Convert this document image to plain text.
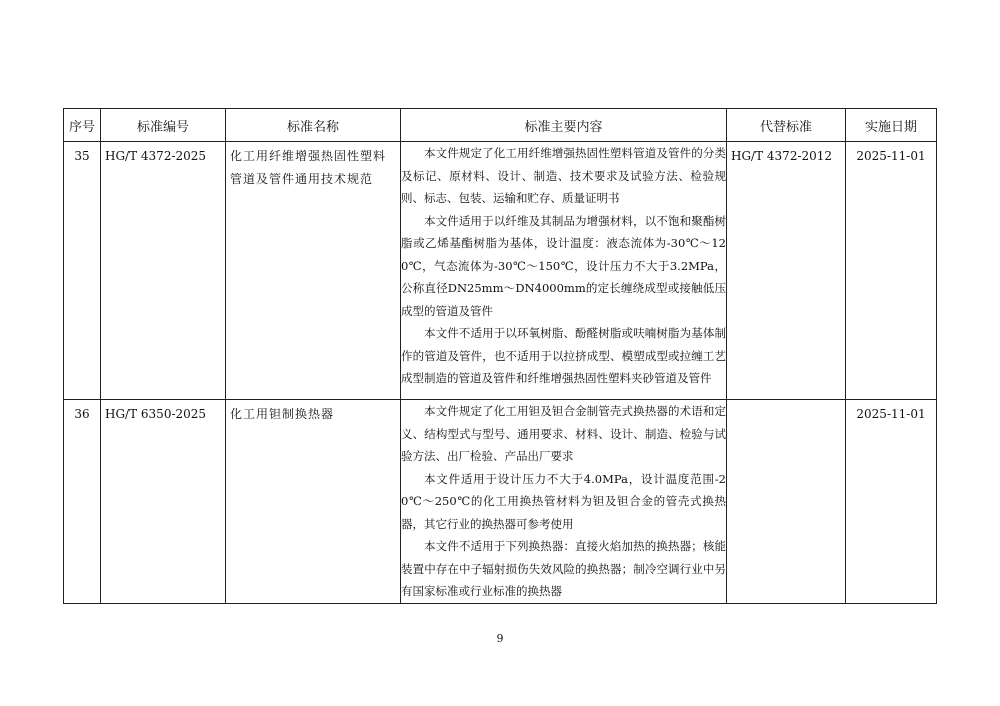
序号	标准编号	标准名称	标准主要内容	代替标准	实施日期

35	HG/T 4372-2025	化工用纤维增强热固性塑料管道及管件通用技术规范	本文件规定了化工用纤维增强热固性塑料管道及管件的分类及标记、原材料、设计、制造、技术要求及试验方法、检验规则、标志、包装、运输和贮存、质量证明书

本文件适用于以纤维及其制品为增强材料，以不饱和聚酯树脂或乙烯基酯树脂为基体，设计温度：液态流体为-30℃～120℃，气态流体为-30℃～150℃，设计压力不大于3.2MPa，公称直径DN25mm～DN4000mm的定长缠绕成型或接触低压成型的管道及管件

本文件不适用于以环氧树脂、酚醛树脂或呋喃树脂为基体制作的管道及管件，也不适用于以拉挤成型、模塑成型或拉缠工艺成型制造的管道及管件和纤维增强热固性塑料夹砂管道及管件	HG/T 4372-2012	2025-11-01

36	HG/T 6350-2025	化工用钽制换热器	本文件规定了化工用钽及钽合金制管壳式换热器的术语和定义、结构型式与型号、通用要求、材料、设计、制造、检验与试验方法、出厂检验、产品出厂要求

本文件适用于设计压力不大于4.0MPa，设计温度范围-20℃～250℃的化工用换热管材料为钽及钽合金的管壳式换热器，其它行业的换热器可参考使用

本文件不适用于下列换热器：直接火焰加热的换热器；核能装置中存在中子辐射损伤失效风险的换热器；制冷空调行业中另有国家标准或行业标准的换热器		2025-11-01
9
